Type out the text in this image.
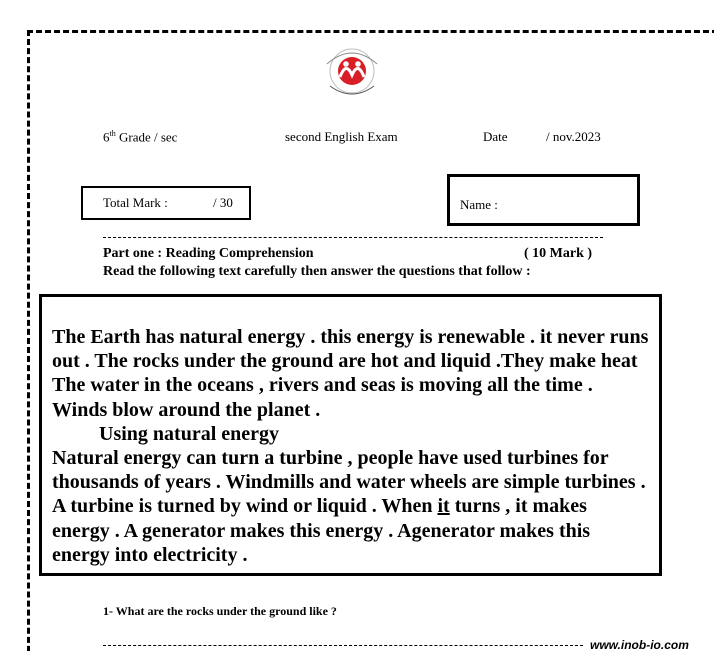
6th Grade / sec	second English Exam	Date	/ nov.2023
Total Mark :	/ 30	Name :
Part one : Reading Comprehension	( 10 Mark )
Read the following text carefully then answer the questions that follow :

The Earth has natural energy . this energy is renewable . it never runs out . The rocks under the ground are hot and liquid .They make heat The water in the oceans , rivers and seas is moving all the time . Winds blow around the planet .

Using natural energy

Natural energy can turn a turbine , people have used turbines for thousands of years . Windmills and water wheels are simple turbines . A turbine is turned by wind or liquid . When it turns , it makes energy . A generator makes this energy . Agenerator makes this energy into electricity .

1- What are the rocks under the ground like ?
www.inob-io.com
